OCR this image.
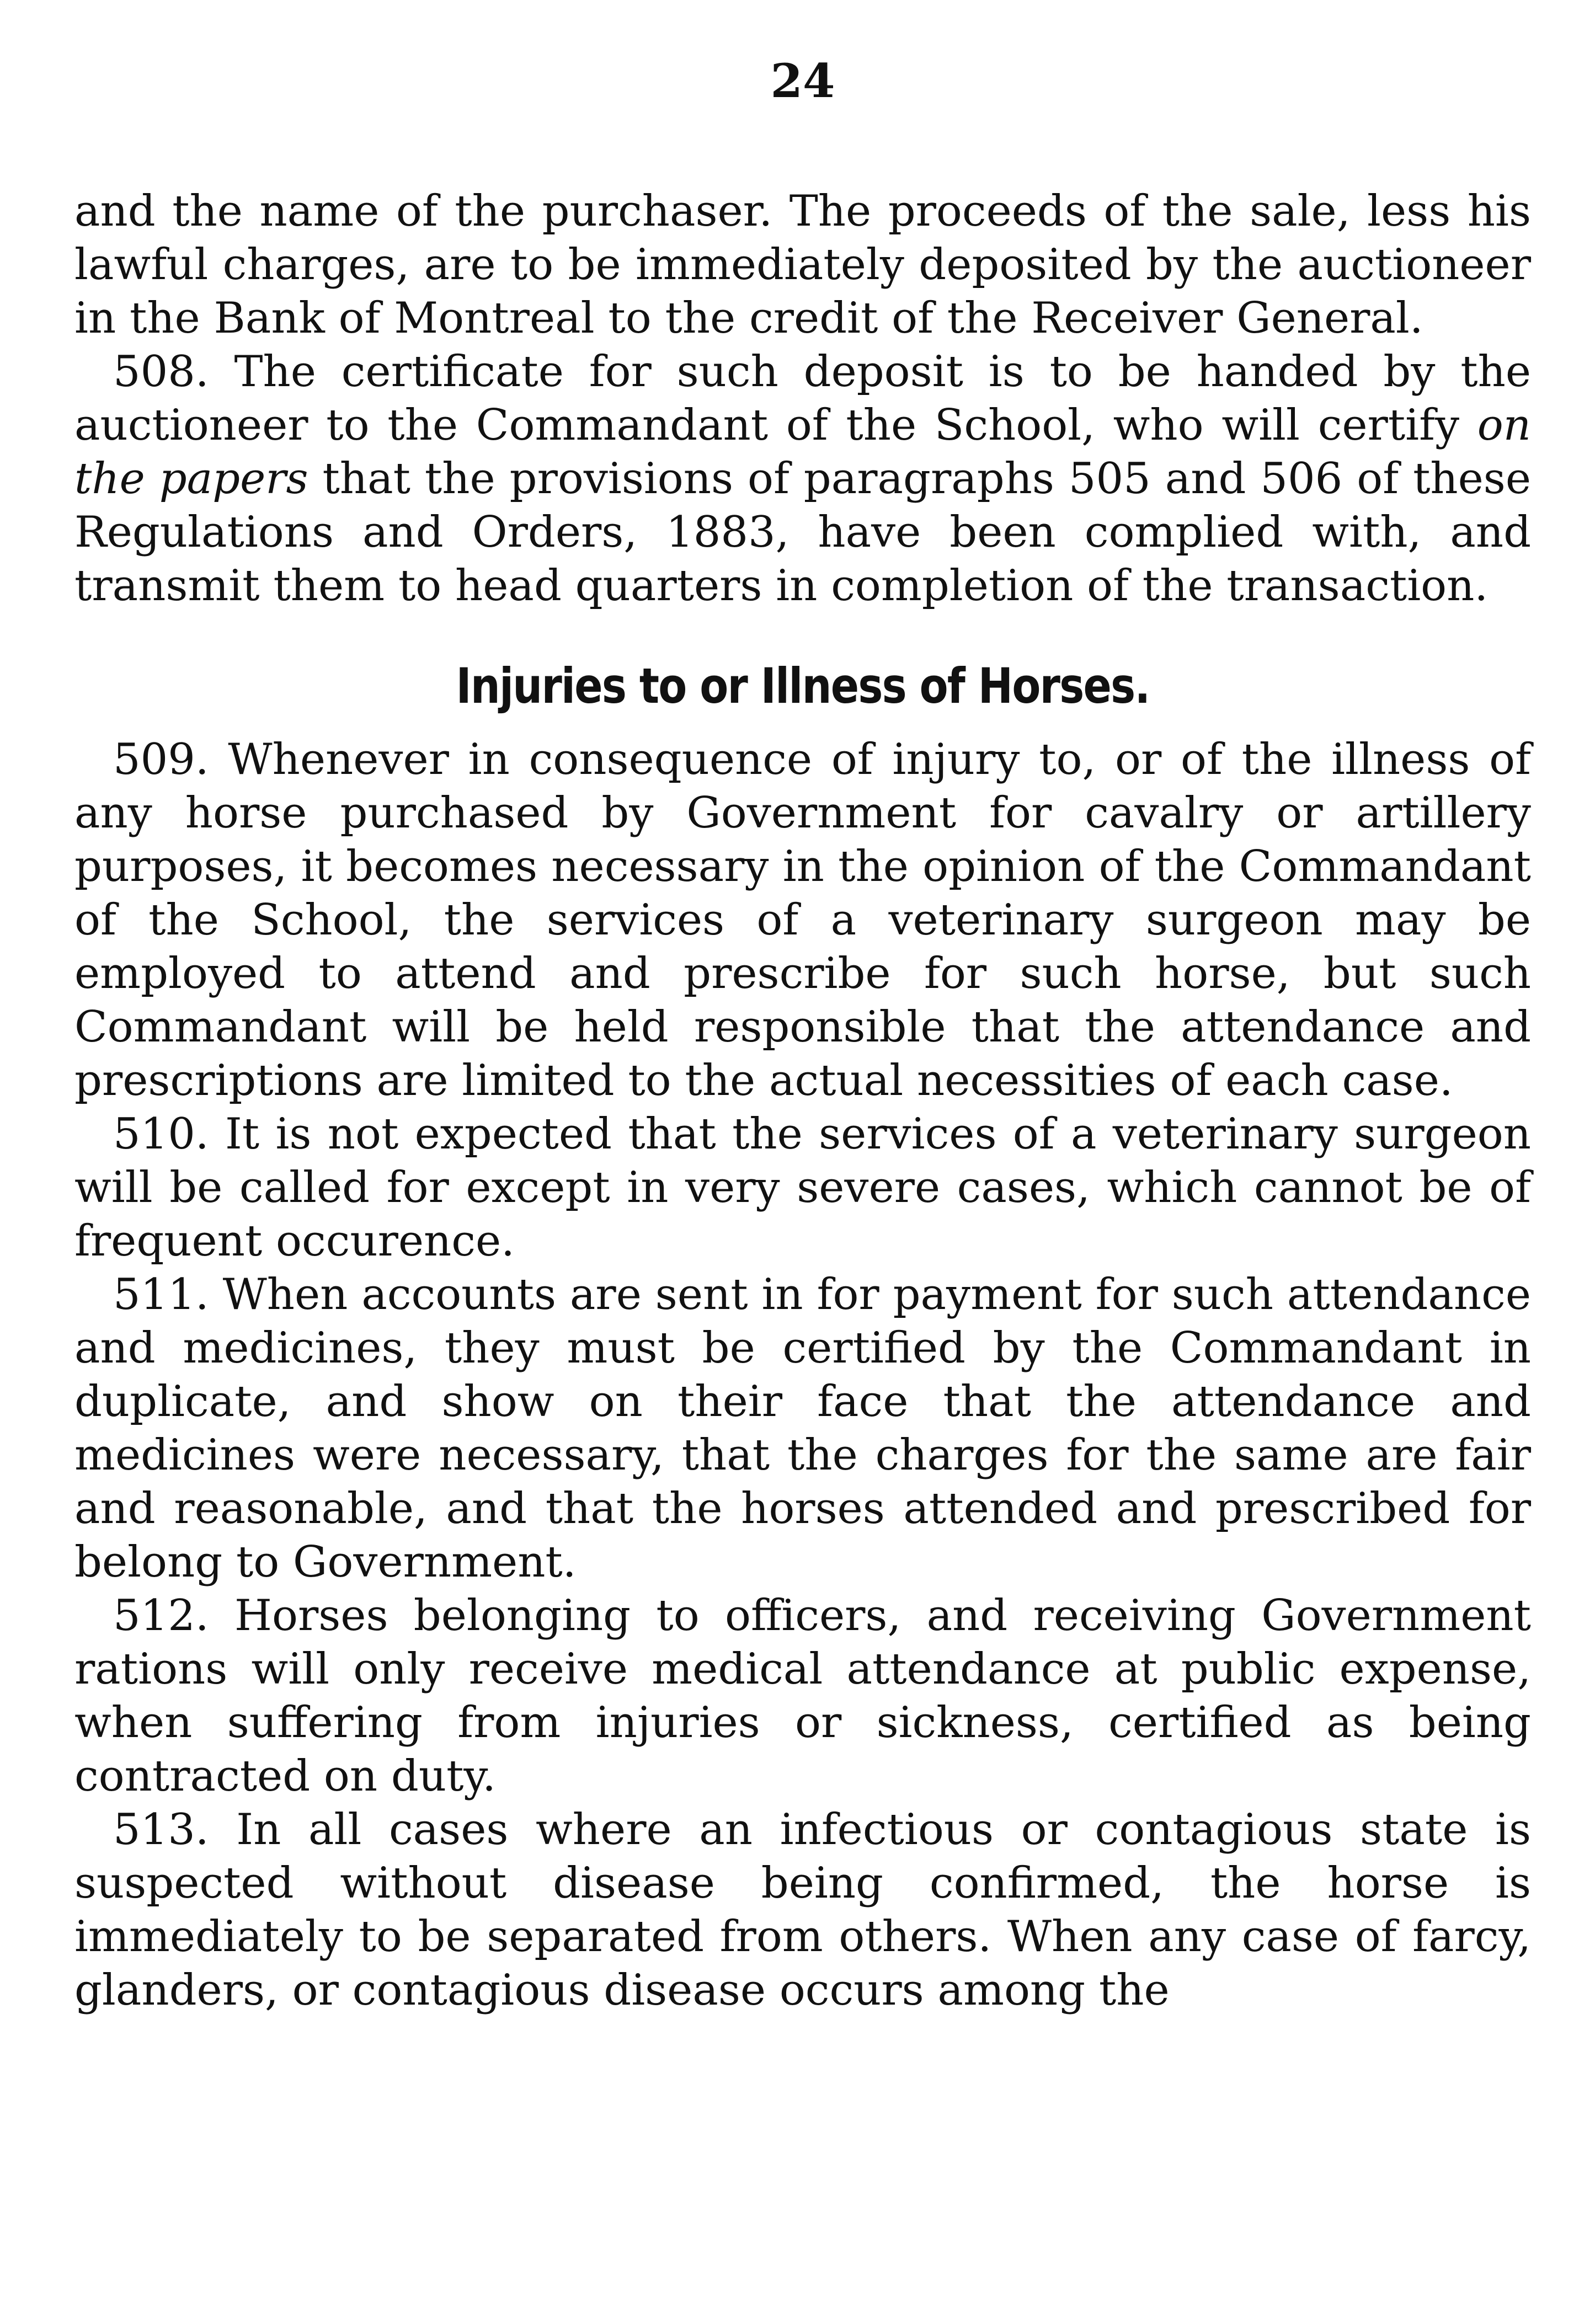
24

and the name of the purchaser. The proceeds of the sale, less his lawful charges, are to be immediately deposited by the auctioneer in the Bank of Montreal to the credit of the Receiver General.

508. The certificate for such deposit is to be handed by the auctioneer to the Commandant of the School, who will certify on the papers that the provisions of paragraphs 505 and 506 of these Regulations and Orders, 1883, have been complied with, and transmit them to head quarters in completion of the transaction.

Injuries to or Illness of Horses.

509. Whenever in consequence of injury to, or of the illness of any horse purchased by Government for cavalry or artillery purposes, it becomes necessary in the opinion of the Commandant of the School, the services of a veterinary surgeon may be employed to attend and prescribe for such horse, but such Commandant will be held responsible that the attendance and prescriptions are limited to the actual necessities of each case.

510. It is not expected that the services of a veterinary surgeon will be called for except in very severe cases, which cannot be of frequent occurence.

511. When accounts are sent in for payment for such attendance and medicines, they must be certified by the Commandant in duplicate, and show on their face that the attendance and medicines were necessary, that the charges for the same are fair and reasonable, and that the horses attended and prescribed for belong to Government.

512. Horses belonging to officers, and receiving Government rations will only receive medical attendance at public expense, when suffering from injuries or sickness, certified as being contracted on duty.

513. In all cases where an infectious or contagious state is suspected without disease being confirmed, the horse is immediately to be separated from others. When any case of farcy, glanders, or contagious disease occurs among the
